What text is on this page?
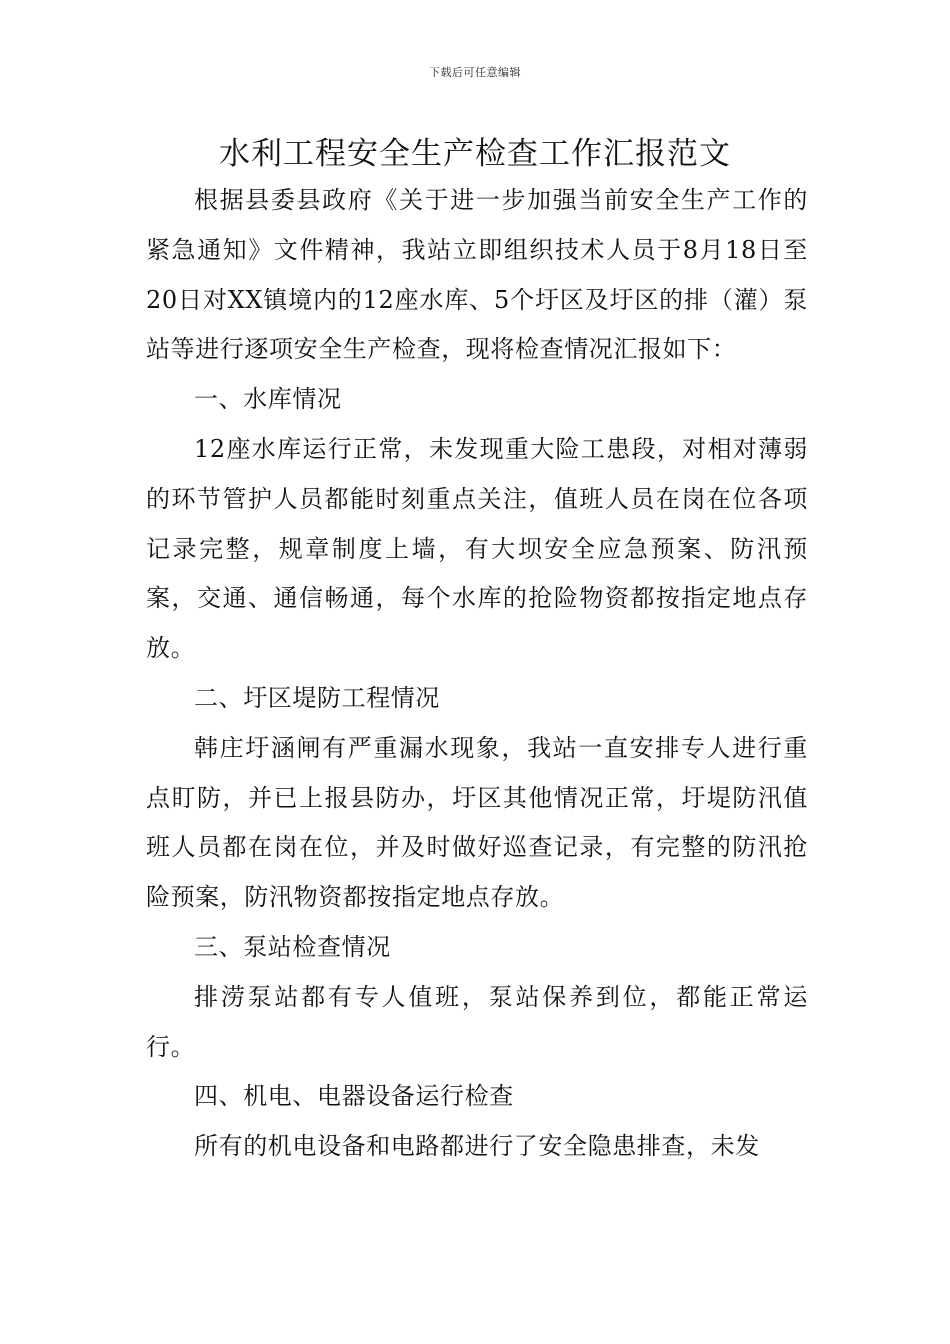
下载后可任意编辑
水利工程安全生产检查工作汇报范文

根据县委县政府《关于进一步加强当前安全生产工作的紧急通知》文件精神，我站立即组织技术人员于8月18日至20日对XX镇境内的12座水库、5个圩区及圩区的排（灌）泵站等进行逐项安全生产检查，现将检查情况汇报如下：

一、水库情况

12座水库运行正常，未发现重大险工患段，对相对薄弱的环节管护人员都能时刻重点关注，值班人员在岗在位各项记录完整，规章制度上墙，有大坝安全应急预案、防汛预案，交通、通信畅通，每个水库的抢险物资都按指定地点存放。

二、圩区堤防工程情况

韩庄圩涵闸有严重漏水现象，我站一直安排专人进行重点盯防，并已上报县防办，圩区其他情况正常，圩堤防汛值班人员都在岗在位，并及时做好巡查记录，有完整的防汛抢险预案，防汛物资都按指定地点存放。

三、泵站检查情况

排涝泵站都有专人值班，泵站保养到位，都能正常运行。

四、机电、电器设备运行检查

所有的机电设备和电路都进行了安全隐患排查，未发
